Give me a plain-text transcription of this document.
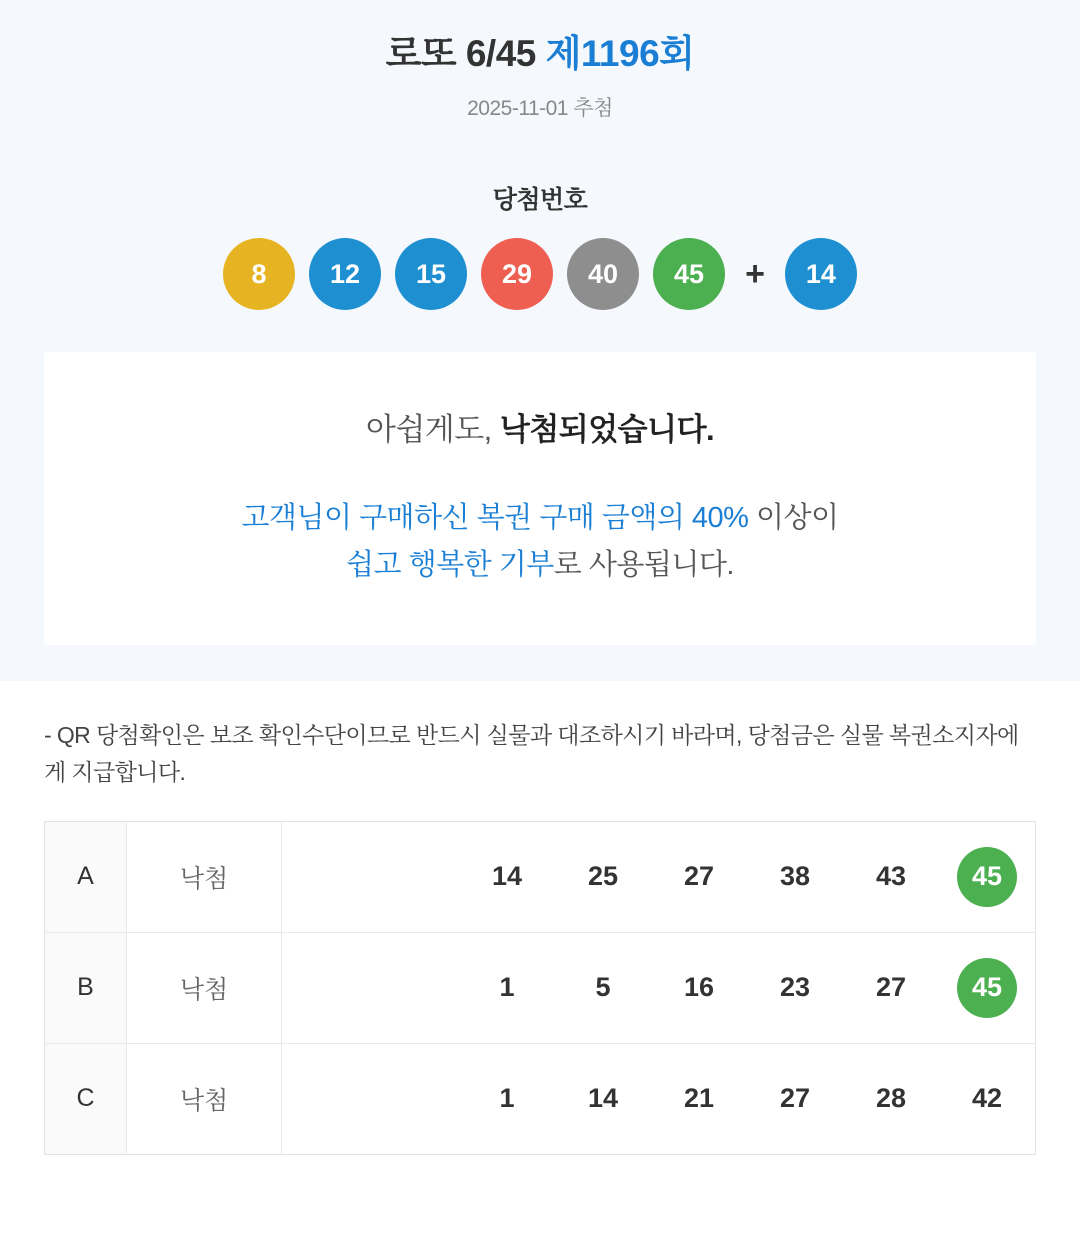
로또 6/45 제1196회
2025-11-01 추첨
당첨번호
8 12 15 29 40 45 + 14
아쉽게도, 낙첨되었습니다.
고객님이 구매하신 복권 구매 금액의 40% 이상이
쉽고 행복한 기부로 사용됩니다.
- QR 당첨확인은 보조 확인수단이므로 반드시 실물과 대조하시기 바라며, 당첨금은 실물 복권소지자에게 지급합니다.
A	낙첨	14	25	27	38	43	45

B	낙첨	1	5	16	23	27	45

C	낙첨	1	14	21	27	28	42
